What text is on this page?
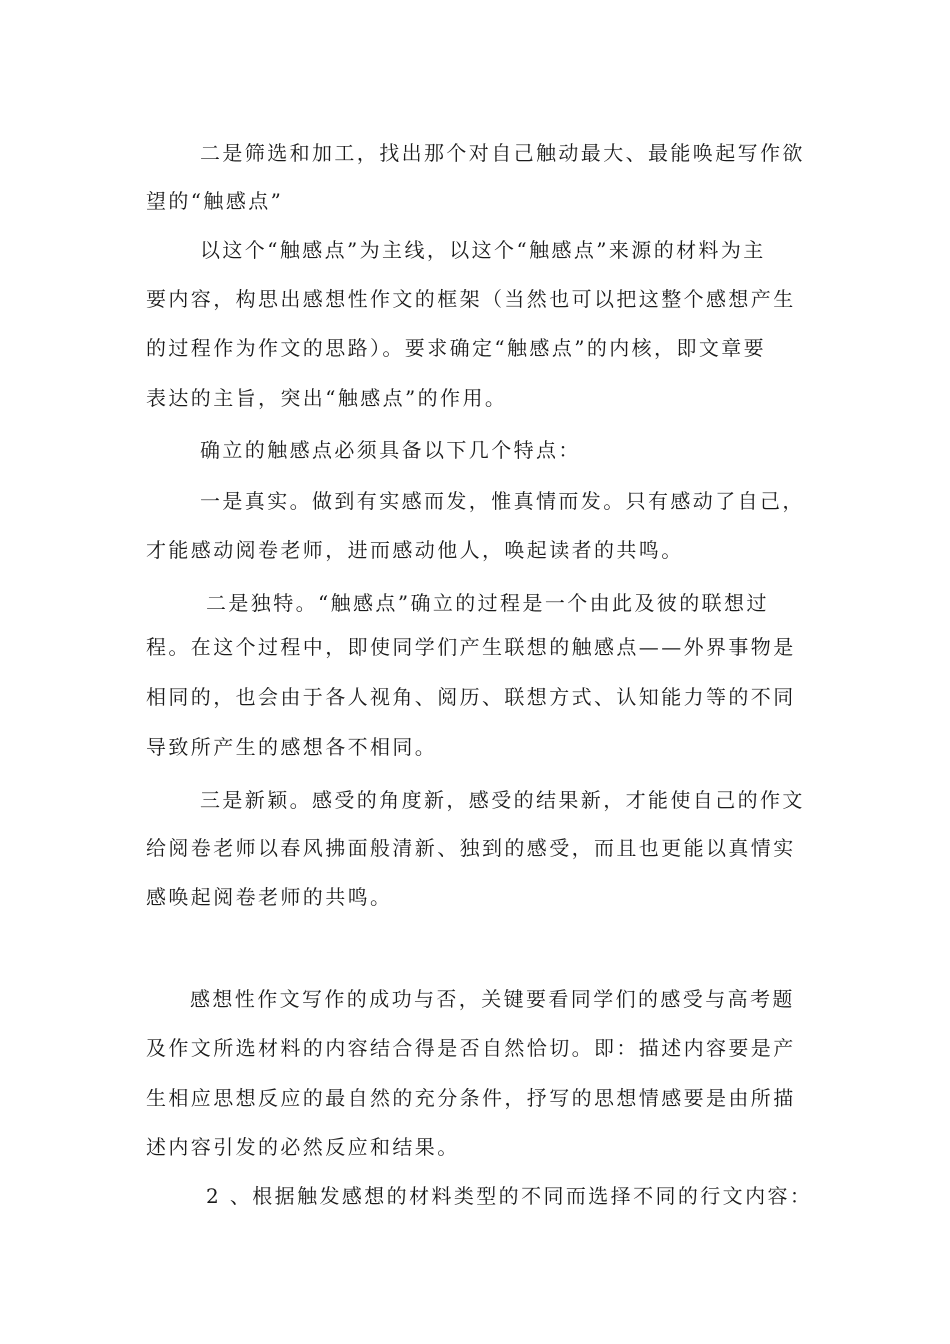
二是筛选和加工，找出那个对自己触动最大、最能唤起写作欲
望的“触感点”
以这个“触感点”为主线，以这个“触感点”来源的材料为主
要内容，构思出感想性作文的框架（当然也可以把这整个感想产生
的过程作为作文的思路）。要求确定“触感点”的内核，即文章要
表达的主旨，突出“触感点”的作用。
确立的触感点必须具备以下几个特点：
一是真实。做到有实感而发，惟真情而发。只有感动了自己，
才能感动阅卷老师，进而感动他人，唤起读者的共鸣。
二是独特。“触感点”确立的过程是一个由此及彼的联想过
程。在这个过程中，即使同学们产生联想的触感点——外界事物是
相同的，也会由于各人视角、阅历、联想方式、认知能力等的不同
导致所产生的感想各不相同。
三是新颖。感受的角度新，感受的结果新，才能使自己的作文
给阅卷老师以春风拂面般清新、独到的感受，而且也更能以真情实
感唤起阅卷老师的共鸣。
感想性作文写作的成功与否，关键要看同学们的感受与高考题
及作文所选材料的内容结合得是否自然恰切。即：描述内容要是产
生相应思想反应的最自然的充分条件，抒写的思想情感要是由所描
述内容引发的必然反应和结果。
2 、根据触发感想的材料类型的不同而选择不同的行文内容：
